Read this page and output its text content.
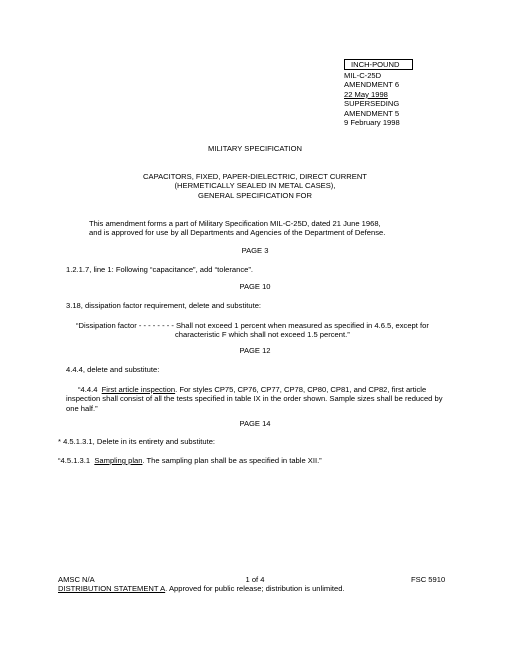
INCH-POUND
MIL-C-25D
AMENDMENT 6
22 May 1998
SUPERSEDING
AMENDMENT 5
9 February 1998
MILITARY SPECIFICATION
CAPACITORS, FIXED, PAPER-DIELECTRIC, DIRECT CURRENT
(HERMETICALLY SEALED IN METAL CASES),
GENERAL SPECIFICATION FOR
This amendment forms a part of Military Specification MIL-C-25D, dated 21 June 1968,
and is approved for use by all Departments and Agencies of the Department of Defense.
PAGE 3
1.2.1.7, line 1: Following “capacitance”, add “tolerance”.
PAGE 10
3.18, dissipation factor requirement, delete and substitute:
“Dissipation factor - - - - - - - - Shall not exceed 1 percent when measured as specified in 4.6.5, except for
characteristic F which shall not exceed 1.5 percent.”
PAGE 12
4.4.4, delete and substitute:
“4.4.4 First article inspection. For styles CP75, CP76, CP77, CP78, CP80, CP81, and CP82, first article
inspection shall consist of all the tests specified in table IX in the order shown. Sample sizes shall be reduced by
one half.”
PAGE 14
* 4.5.1.3.1, Delete in its entirety and substitute:
“4.5.1.3.1 Sampling plan. The sampling plan shall be as specified in table XII.”
AMSC N/A	1 of 4	FSC 5910
DISTRIBUTION STATEMENT A. Approved for public release; distribution is unlimited.
